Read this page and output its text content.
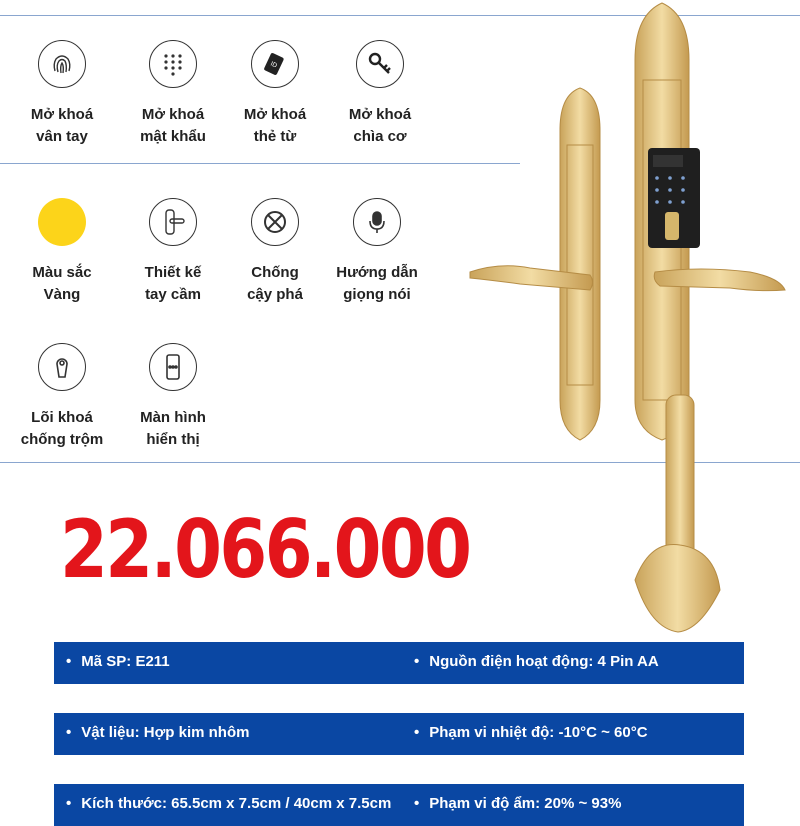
Mở khoá
vân tay
Mở khoá
mật khẩu
ID
Mở khoá
thẻ từ
Mở khoá
chìa cơ
Màu sắc
Vàng
Thiết kế
tay cầm
Chống
cậy phá
Hướng dẫn
giọng nói
Lõi khoá
chống trộm
Màn hình
hiển thị
22.066.000
• Mã SP: E211	• Nguồn điện hoạt động: 4 Pin AA
• Vật liệu: Hợp kim nhôm	• Phạm vi nhiệt độ: -10°C ~ 60°C
• Kích thước: 65.5cm x 7.5cm / 40cm x 7.5cm	• Phạm vi độ ẩm: 20% ~ 93%
